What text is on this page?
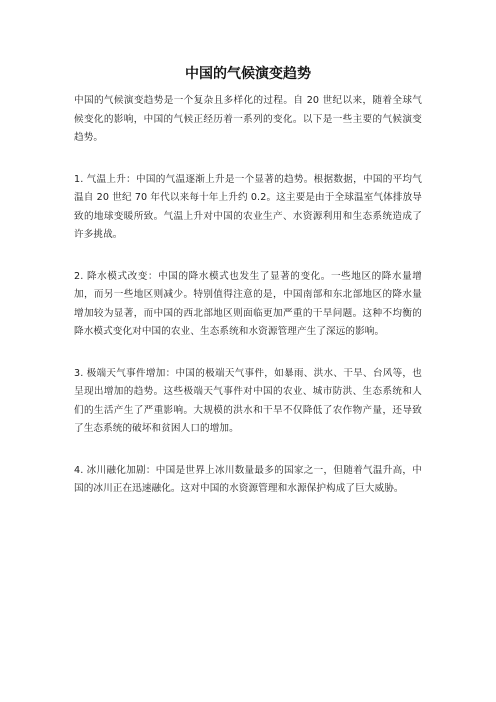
中国的气候演变趋势

中国的气候演变趋势是一个复杂且多样化的过程。自 20 世纪以来，随着全球气候变化的影响，中国的气候正经历着一系列的变化。以下是一些主要的气候演变趋势。

1. 气温上升：中国的气温逐渐上升是一个显著的趋势。根据数据，中国的平均气温自 20 世纪 70 年代以来每十年上升约 0.2。这主要是由于全球温室气体排放导致的地球变暖所致。气温上升对中国的农业生产、水资源利用和生态系统造成了许多挑战。

2. 降水模式改变：中国的降水模式也发生了显著的变化。一些地区的降水量增加，而另一些地区则减少。特别值得注意的是，中国南部和东北部地区的降水量增加较为显著，而中国的西北部地区则面临更加严重的干旱问题。这种不均衡的降水模式变化对中国的农业、生态系统和水资源管理产生了深远的影响。

3. 极端天气事件增加：中国的极端天气事件，如暴雨、洪水、干旱、台风等，也呈现出增加的趋势。这些极端天气事件对中国的农业、城市防洪、生态系统和人们的生活产生了严重影响。大规模的洪水和干旱不仅降低了农作物产量，还导致了生态系统的破坏和贫困人口的增加。

4. 冰川融化加剧：中国是世界上冰川数量最多的国家之一，但随着气温升高，中国的冰川正在迅速融化。这对中国的水资源管理和水源保护构成了巨大威胁。
